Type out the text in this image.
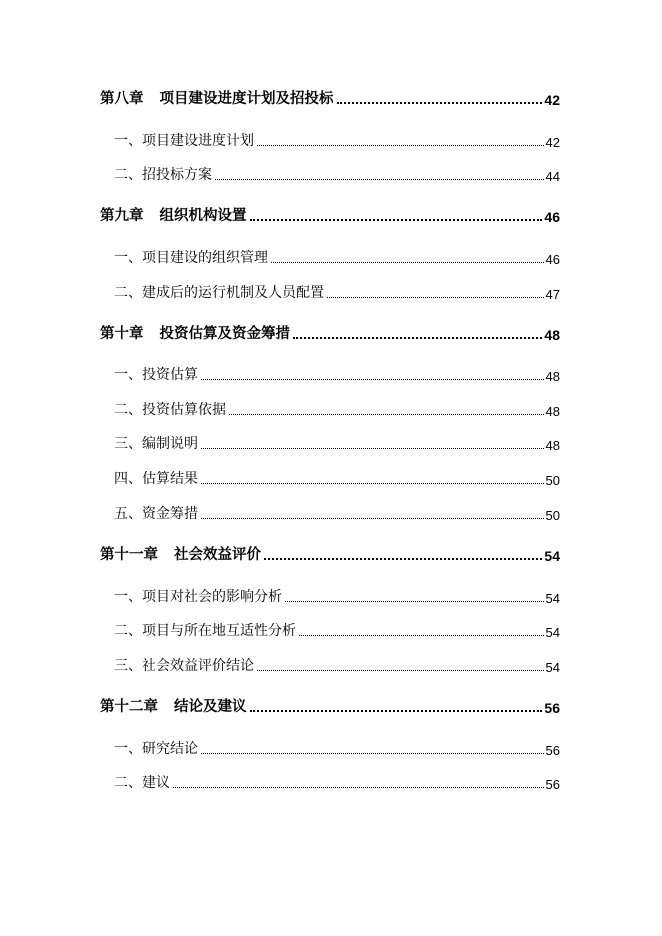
第八章 项目建设进度计划及招投标	42
一、项目建设进度计划	42
二、招投标方案	44
第九章 组织机构设置	46
一、项目建设的组织管理	46
二、建成后的运行机制及人员配置	47
第十章 投资估算及资金筹措	48
一、投资估算	48
二、投资估算依据	48
三、编制说明	48
四、估算结果	50
五、资金筹措	50
第十一章 社会效益评价	54
一、项目对社会的影响分析	54
二、项目与所在地互适性分析	54
三、社会效益评价结论	54
第十二章 结论及建议	56
一、研究结论	56
二、建议	56
